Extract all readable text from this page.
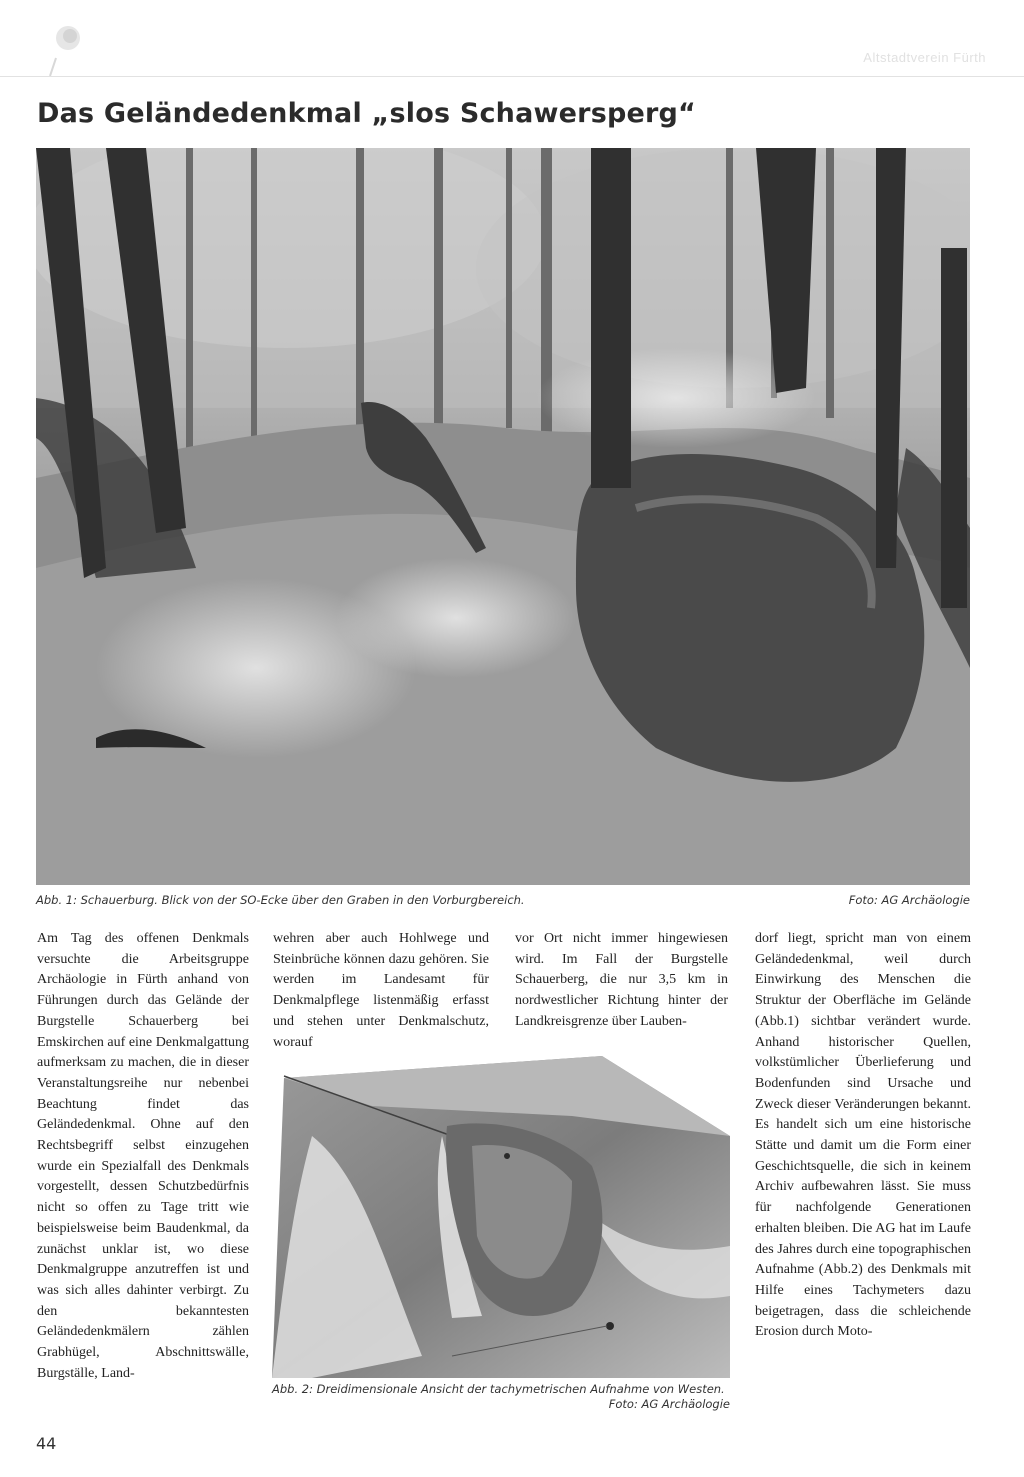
Altstadtverein Fürth
Das Geländedenkmal „slos Schawersperg“
Abb. 1: Schauerburg. Blick von der SO-Ecke über den Graben in den Vorburgbereich.	Foto: AG Archäologie
Am Tag des offenen Denkmals versuchte die Arbeitsgruppe Archäologie in Fürth anhand von Führungen durch das Gelände der Burgstelle Schauerberg bei Emskirchen auf eine Denkmalgattung aufmerksam zu machen, die in dieser Veranstaltungsreihe nur nebenbei Beachtung findet das Geländedenkmal. Ohne auf den Rechtsbegriff selbst einzugehen wurde ein Spezialfall des Denkmals vorgestellt, dessen Schutzbedürfnis nicht so offen zu Tage tritt wie beispielsweise beim Baudenkmal, da zunächst unklar ist, wo diese Denkmalgruppe anzutreffen ist und was sich alles dahinter verbirgt. Zu den bekanntesten Geländedenkmälern zählen Grabhügel, Abschnittswälle, Burgställe, Land-
wehren aber auch Hohlwege und Steinbrüche können dazu gehören. Sie werden im Landesamt für Denkmalpflege listenmäßig erfasst und stehen unter Denkmalschutz, worauf
vor Ort nicht immer hingewiesen wird. Im Fall der Burgstelle Schauerberg, die nur 3,5 km in nordwestlicher Richtung hinter der Landkreisgrenze über Lauben-
dorf liegt, spricht man von einem Geländedenkmal, weil durch Einwirkung des Menschen die Struktur der Oberfläche im Gelände (Abb.1) sichtbar verändert wurde. Anhand historischer Quellen, volkstümlicher Überlieferung und Bodenfunden sind Ursache und Zweck dieser Veränderungen bekannt. Es handelt sich um eine historische Stätte und damit um die Form einer Geschichtsquelle, die sich in keinem Archiv aufbewahren lässt. Sie muss für nachfolgende Generationen erhalten bleiben. Die AG hat im Laufe des Jahres durch eine topographischen Aufnahme (Abb.2) des Denkmals mit Hilfe eines Tachymeters dazu beigetragen, dass die schleichende Erosion durch Moto-
Abb. 2: Dreidimensionale Ansicht der tachymetrischen Aufnahme von Westen.
Foto: AG Archäologie
44
